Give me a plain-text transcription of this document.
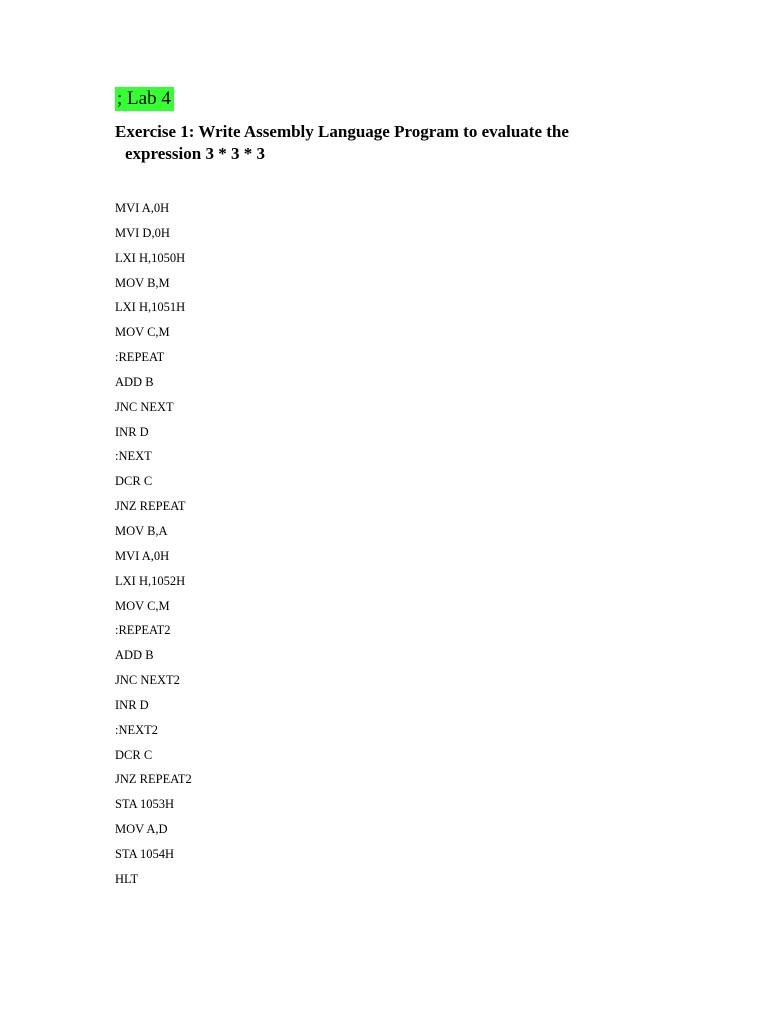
; Lab 4

Exercise 1: Write Assembly Language Program to evaluate the
expression 3 * 3 * 3

MVI A,0H
MVI D,0H
LXI H,1050H
MOV B,M
LXI H,1051H
MOV C,M
:REPEAT
ADD B
JNC NEXT
INR D
:NEXT
DCR C
JNZ REPEAT
MOV B,A
MVI A,0H
LXI H,1052H
MOV C,M
:REPEAT2
ADD B
JNC NEXT2
INR D
:NEXT2
DCR C
JNZ REPEAT2
STA 1053H
MOV A,D
STA 1054H
HLT
